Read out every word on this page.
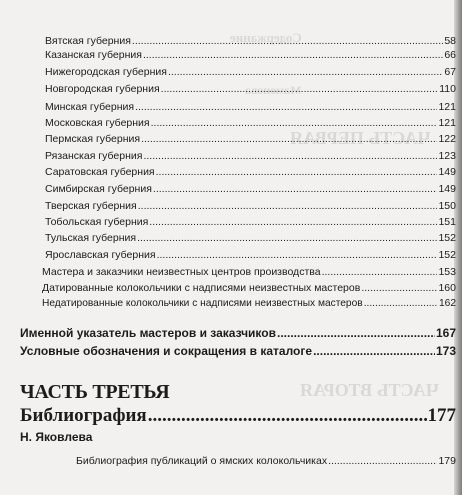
Содержание
Мамонова
ЧАСТЬ ПЕРВАЯ
ЧАСТЬ ВТОРАЯ
Вятская губерния .....	58
Казанская губерния .....	66
Нижегородская губерния .....	67
Новгородская губерния .....	110
Минская губерния .....	121
Московская губерния .....	121
Пермская губерния .....	122
Рязанская губерния .....	123
Саратовская губерния .....	149
Симбирская губерния .....	149
Тверская губерния .....	150
Тобольская губерния .....	151
Тульская губерния .....	152
Ярославская губерния .....	152
Мастера и заказчики неизвестных центров производства .....	153
Датированные колокольчики с надписями неизвестных мастеров .....	160
Недатированные колокольчики с надписями неизвестных мастеров .....	162
Именной указатель мастеров и заказчиков .....	167
Условные обозначения и сокращения в каталоге .....	173
ЧАСТЬ ТРЕТЬЯ
Библиография .....	177
Н. Яковлева
Библиография публикаций о ямских колокольчиках .....	179
